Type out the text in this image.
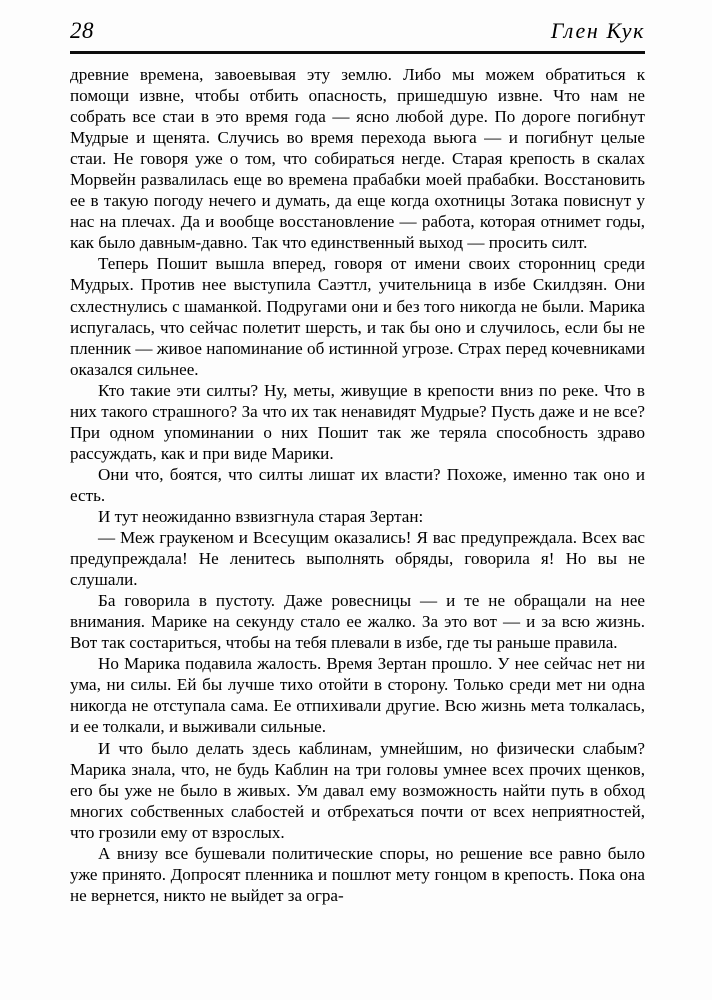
28	Глен Кук

древние времена, завоевывая эту землю. Либо мы можем обратиться к помощи извне, чтобы отбить опасность, пришедшую извне. Что нам не собрать все стаи в это время года — ясно любой дуре. По дороге погибнут Мудрые и щенята. Случись во время перехода вьюга — и погибнут целые стаи. Не говоря уже о том, что собираться негде. Старая крепость в скалах Морвейн развалилась еще во времена прабабки моей прабабки. Восстановить ее в такую погоду нечего и думать, да еще когда охотницы Зотака повиснут у нас на плечах. Да и вообще восстановление — работа, которая отнимет годы, как было давным-давно. Так что единственный выход — просить силт.

Теперь Пошит вышла вперед, говоря от имени своих сторонниц среди Мудрых. Против нее выступила Саэттл, учительница в избе Скилдзян. Они схлестнулись с шаманкой. Подругами они и без того никогда не были. Марика испугалась, что сейчас полетит шерсть, и так бы оно и случилось, если бы не пленник — живое напоминание об истинной угрозе. Страх перед кочевниками оказался сильнее.

Кто такие эти силты? Ну, меты, живущие в крепости вниз по реке. Что в них такого страшного? За что их так ненавидят Мудрые? Пусть даже и не все? При одном упоминании о них Пошит так же теряла способность здраво рассуждать, как и при виде Марики.

Они что, боятся, что силты лишат их власти? Похоже, именно так оно и есть.

И тут неожиданно взвизгнула старая Зертан:

— Меж граукеном и Всесущим оказались! Я вас предупреждала. Всех вас предупреждала! Не ленитесь выполнять обряды, говорила я! Но вы не слушали.

Ба говорила в пустоту. Даже ровесницы — и те не обращали на нее внимания. Марике на секунду стало ее жалко. За это вот — и за всю жизнь. Вот так состариться, чтобы на тебя плевали в избе, где ты раньше правила.

Но Марика подавила жалость. Время Зертан прошло. У нее сейчас нет ни ума, ни силы. Ей бы лучше тихо отойти в сторону. Только среди мет ни одна никогда не отступала сама. Ее отпихивали другие. Всю жизнь мета толкалась, и ее толкали, и выживали сильные.

И что было делать здесь каблинам, умнейшим, но физически слабым? Марика знала, что, не будь Каблин на три головы умнее всех прочих щенков, его бы уже не было в живых. Ум давал ему возможность найти путь в обход многих собственных слабостей и отбрехаться почти от всех неприятностей, что грозили ему от взрослых.

А внизу все бушевали политические споры, но решение все равно было уже принято. Допросят пленника и пошлют мету гонцом в крепость. Пока она не вернется, никто не выйдет за огра-
